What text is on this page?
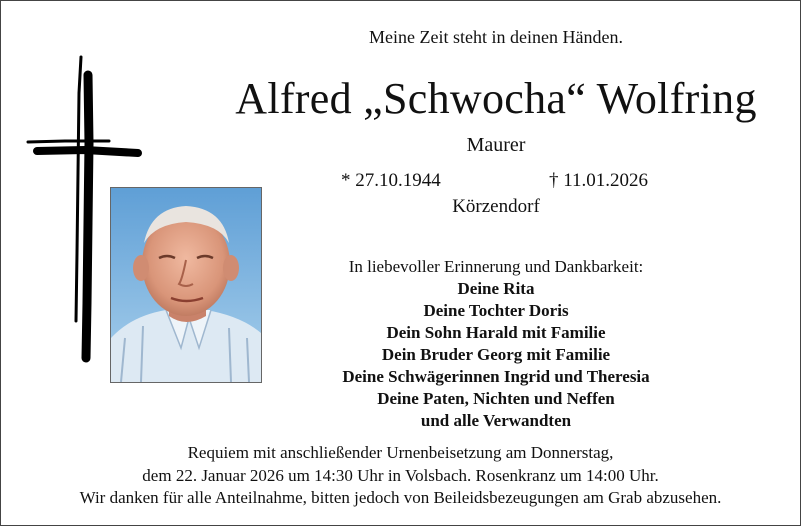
Meine Zeit steht in deinen Händen.
Alfred „Schwocha“ Wolfring
Maurer
* 27.10.1944	† 11.01.2026
Körzendorf
In liebevoller Erinnerung und Dankbarkeit:
Deine Rita
Deine Tochter Doris
Dein Sohn Harald mit Familie
Dein Bruder Georg mit Familie
Deine Schwägerinnen Ingrid und Theresia
Deine Paten, Nichten und Neffen
und alle Verwandten
Requiem mit anschließender Urnenbeisetzung am Donnerstag,
dem 22. Januar 2026 um 14:30 Uhr in Volsbach. Rosenkranz um 14:00 Uhr.
Wir danken für alle Anteilnahme, bitten jedoch von Beileidsbezeugungen am Grab abzusehen.
